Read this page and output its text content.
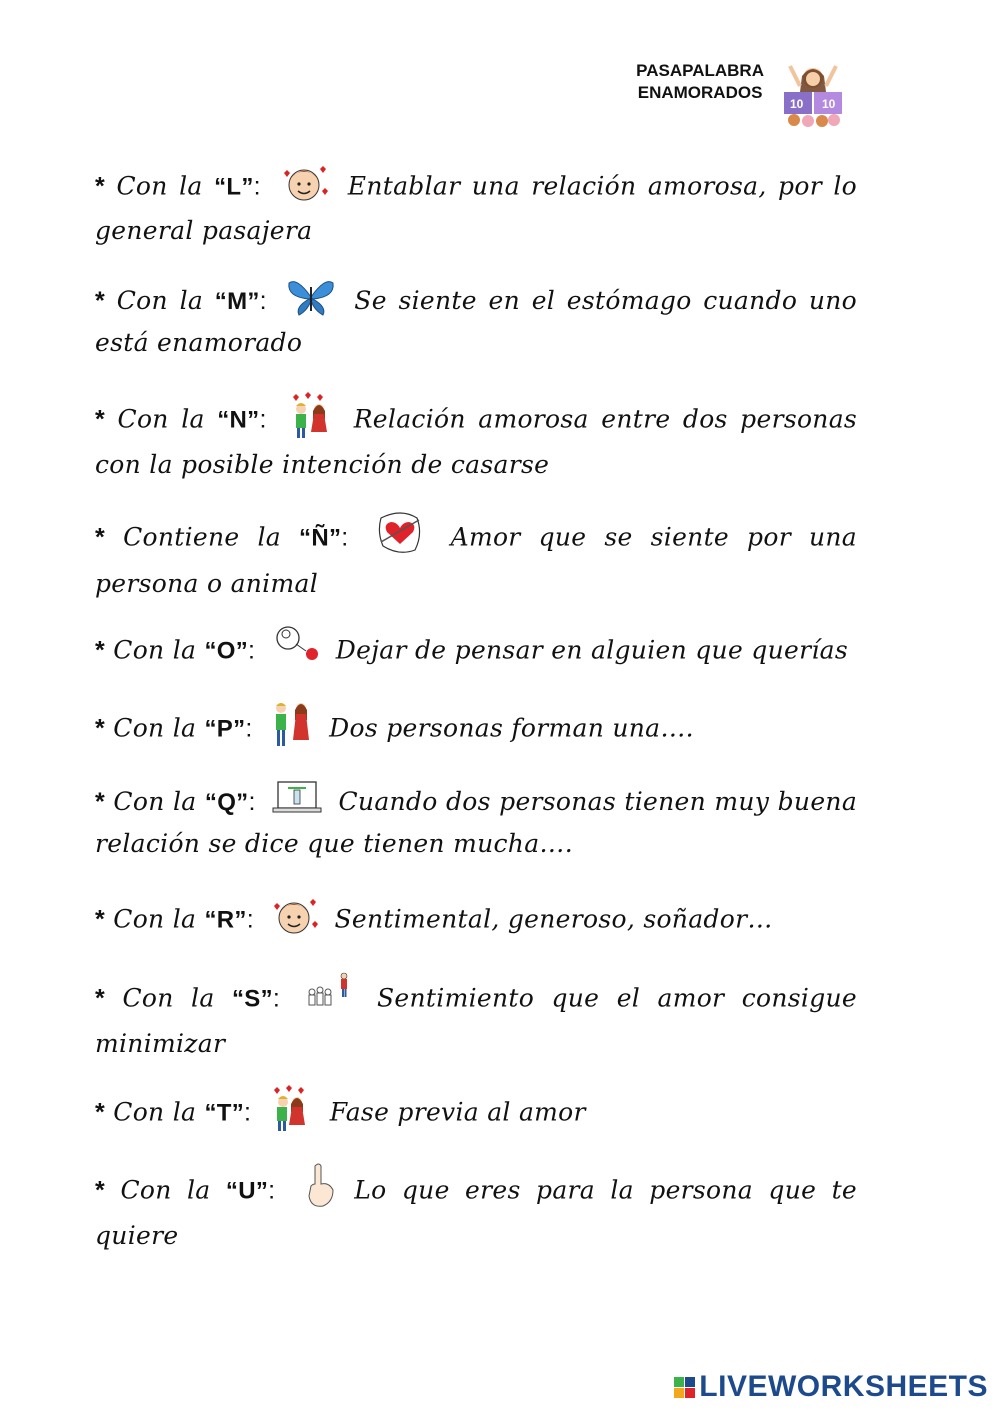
PASAPALABRA
ENAMORADOS
10 10
* Con la “L”:	Entablar una relación amorosa, por lo general pasajera
* Con la “M”:	Se siente en el estómago cuando uno está enamorado
* Con la “N”:	Relación amorosa entre dos personas con la posible intención de casarse
* Contiene la “Ñ”:	Amor que se siente por una persona o animal
* Con la “O”:	Dejar de pensar en alguien que querías
* Con la “P”:	Dos personas forman una….
* Con la “Q”:	Cuando dos personas tienen muy buena relación se dice que tienen mucha….
* Con la “R”:	Sentimental, generoso, soñador…
* Con la “S”:	Sentimiento que el amor consigue minimizar
* Con la “T”:	Fase previa al amor
* Con la “U”:	Lo que eres para la persona que te quiere
LIVEWORKSHEETS
